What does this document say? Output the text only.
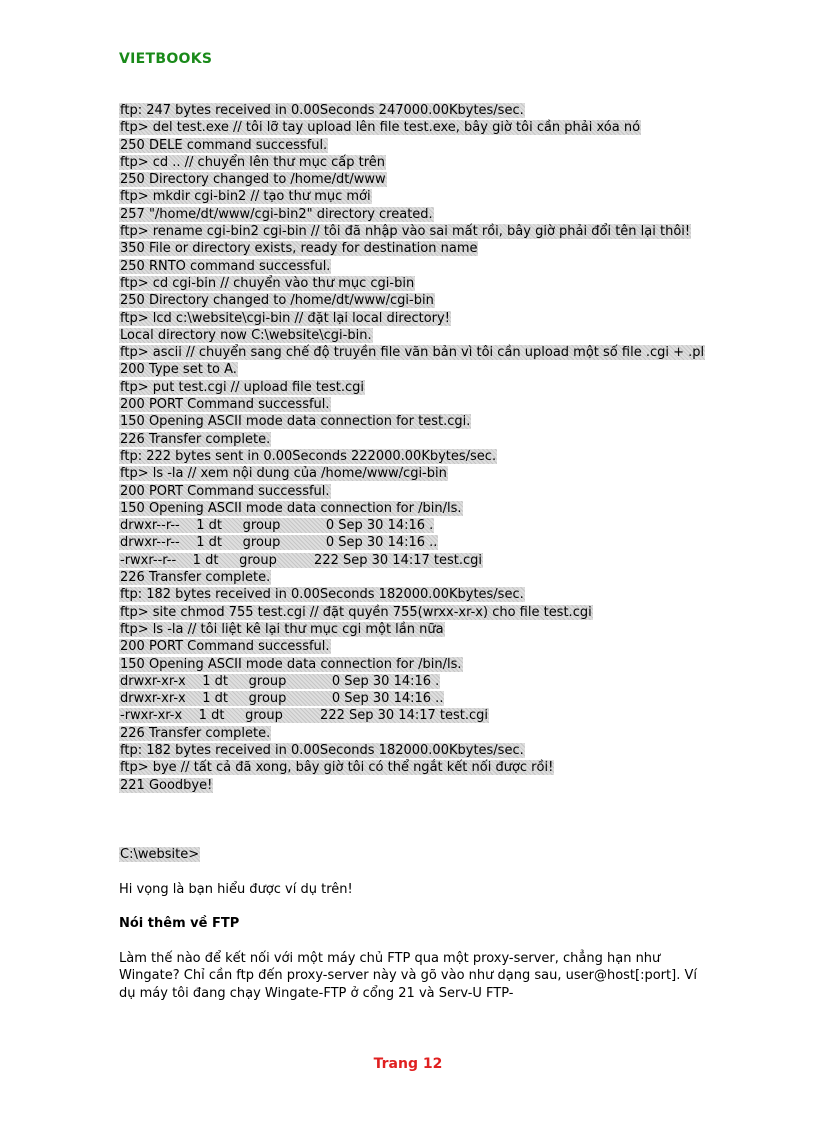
VIETBOOKS
ftp: 247 bytes received in 0.00Seconds 247000.00Kbytes/sec.
ftp> del test.exe // tôi lỡ tay upload lên file test.exe, bây giờ tôi cần phải xóa nó
250 DELE command successful.
ftp> cd .. // chuyển lên thư mục cấp trên
250 Directory changed to /home/dt/www
ftp> mkdir cgi-bin2 // tạo thư mục mới
257 "/home/dt/www/cgi-bin2" directory created.
ftp> rename cgi-bin2 cgi-bin // tôi đã nhập vào sai mất rồi, bây giờ phải đổi tên lại thôi!
350 File or directory exists, ready for destination name
250 RNTO command successful.
ftp> cd cgi-bin // chuyển vào thư mục cgi-bin
250 Directory changed to /home/dt/www/cgi-bin
ftp> lcd c:\website\cgi-bin // đặt lại local directory!
Local directory now C:\website\cgi-bin.
ftp> ascii // chuyển sang chế độ truyền file văn bản vì tôi cần upload một số file .cgi + .pl
200 Type set to A.
ftp> put test.cgi // upload file test.cgi
200 PORT Command successful.
150 Opening ASCII mode data connection for test.cgi.
226 Transfer complete.
ftp: 222 bytes sent in 0.00Seconds 222000.00Kbytes/sec.
ftp> ls -la // xem nội dung của /home/www/cgi-bin
200 PORT Command successful.
150 Opening ASCII mode data connection for /bin/ls.
drwxr--r--    1 dt     group           0 Sep 30 14:16 .
drwxr--r--    1 dt     group           0 Sep 30 14:16 ..
-rwxr--r--    1 dt     group         222 Sep 30 14:17 test.cgi
226 Transfer complete.
ftp: 182 bytes received in 0.00Seconds 182000.00Kbytes/sec.
ftp> site chmod 755 test.cgi // đặt quyền 755(wrxx-xr-x) cho file test.cgi
ftp> ls -la // tôi liệt kê lại thư mục cgi một lần nữa
200 PORT Command successful.
150 Opening ASCII mode data connection for /bin/ls.
drwxr-xr-x    1 dt     group           0 Sep 30 14:16 .
drwxr-xr-x    1 dt     group           0 Sep 30 14:16 ..
-rwxr-xr-x    1 dt     group         222 Sep 30 14:17 test.cgi
226 Transfer complete.
ftp: 182 bytes received in 0.00Seconds 182000.00Kbytes/sec.
ftp> bye // tất cả đã xong, bây giờ tôi có thể ngắt kết nối được rồi!
221 Goodbye!
C:\website>
Hi vọng là bạn hiểu được ví dụ trên!
Nói thêm về FTP
Làm thế nào để kết nối với một máy chủ FTP qua một proxy-server, chẳng hạn như Wingate? Chỉ cần ftp đến proxy-server này và gõ vào như dạng sau, user@host[:port]. Ví dụ máy tôi đang chạy Wingate-FTP ở cổng 21 và Serv-U FTP-
Trang 12
